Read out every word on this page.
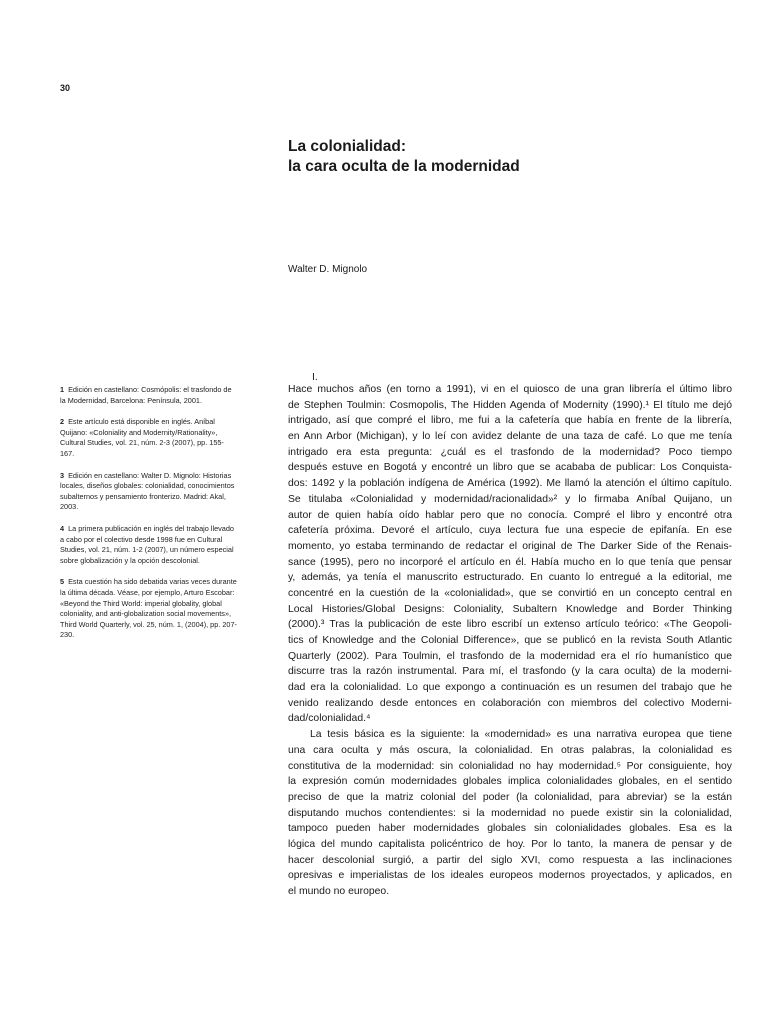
30
La colonialidad:
la cara oculta de la modernidad
Walter D. Mignolo
I.

1 Edición en castellano: Cosmópolis: el trasfondo de la Modernidad, Barcelona: Península, 2001.

2 Este artículo está disponible en inglés. Aníbal Quijano: «Coloniality and Modernity/Rationality», Cultural Studies, vol. 21, núm. 2-3 (2007), pp. 155-167.

3 Edición en castellano: Walter D. Mignolo: Historias locales, diseños globales: colonialidad, conocimientos subalternos y pensamiento fronterizo. Madrid: Akal, 2003.

4 La primera publicación en inglés del trabajo llevado a cabo por el colectivo desde 1998 fue en Cultural Studies, vol. 21, núm. 1-2 (2007), un número especial sobre globalización y la opción descolonial.

5 Esta cuestión ha sido debatida varias veces durante la última década. Véase, por ejemplo, Arturo Escobar: «Beyond the Third World: imperial globality, global coloniality, and anti-globalization social movements», Third World Quarterly, vol. 25, núm. 1, (2004), pp. 207-230.

Hace muchos años (en torno a 1991), vi en el quiosco de una gran librería el último libro
de Stephen Toulmin: Cosmopolis, The Hidden Agenda of Modernity (1990).¹ El título me dejó
intrigado, así que compré el libro, me fui a la cafetería que había en frente de la librería,
en Ann Arbor (Michigan), y lo leí con avidez delante de una taza de café. Lo que me tenía
intrigado era esta pregunta: ¿cuál es el trasfondo de la modernidad? Poco tiempo
después estuve en Bogotá y encontré un libro que se acababa de publicar: Los Conquista-
dos: 1492 y la población indígena de América (1992). Me llamó la atención el último capítulo.
Se titulaba «Colonialidad y modernidad/racionalidad»² y lo firmaba Aníbal Quijano, un
autor de quien había oído hablar pero que no conocía. Compré el libro y encontré otra
cafetería próxima. Devoré el artículo, cuya lectura fue una especie de epifanía. En ese
momento, yo estaba terminando de redactar el original de The Darker Side of the Renais-
sance (1995), pero no incorporé el artículo en él. Había mucho en lo que tenía que pensar
y, además, ya tenía el manuscrito estructurado. En cuanto lo entregué a la editorial, me
concentré en la cuestión de la «colonialidad», que se convirtió en un concepto central en
Local Histories/Global Designs: Coloniality, Subaltern Knowledge and Border Thinking
(2000).³ Tras la publicación de este libro escribí un extenso artículo teórico: «The Geopoli-
tics of Knowledge and the Colonial Difference», que se publicó en la revista South Atlantic
Quarterly (2002). Para Toulmin, el trasfondo de la modernidad era el río humanístico que
discurre tras la razón instrumental. Para mí, el trasfondo (y la cara oculta) de la moderni-
dad era la colonialidad. Lo que expongo a continuación es un resumen del trabajo que he
venido realizando desde entonces en colaboración con miembros del colectivo Moderni-
dad/colonialidad.⁴
La tesis básica es la siguiente: la «modernidad» es una narrativa europea que tiene
una cara oculta y más oscura, la colonialidad. En otras palabras, la colonialidad es
constitutiva de la modernidad: sin colonialidad no hay modernidad.⁵ Por consiguiente, hoy
la expresión común modernidades globales implica colonialidades globales, en el sentido
preciso de que la matriz colonial del poder (la colonialidad, para abreviar) se la están
disputando muchos contendientes: si la modernidad no puede existir sin la colonialidad,
tampoco pueden haber modernidades globales sin colonialidades globales. Esa es la
lógica del mundo capitalista policéntrico de hoy. Por lo tanto, la manera de pensar y de
hacer descolonial surgió, a partir del siglo XVI, como respuesta a las inclinaciones
opresivas e imperialistas de los ideales europeos modernos proyectados, y aplicados, en
el mundo no europeo.
